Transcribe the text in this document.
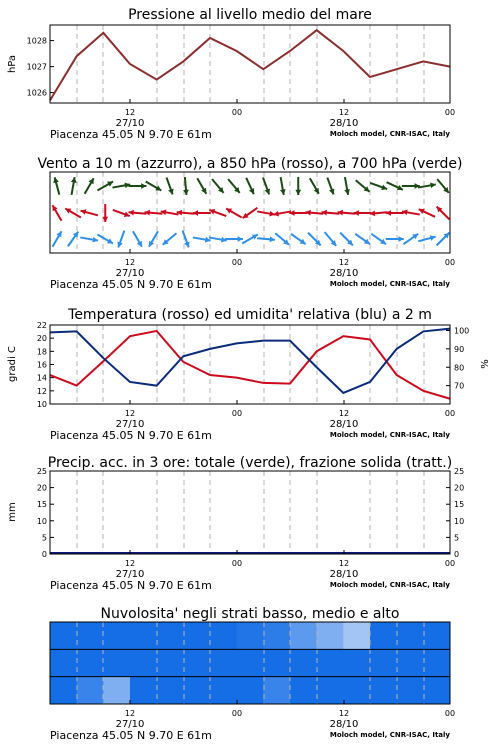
Pressione al livello medio del mare
1028
1027
1026
hPa
12	00	12	00
27/10	28/10
Piacenza 45.05 N 9.70 E 61m	Moloch model, CNR-ISAC, Italy
Vento a 10 m (azzurro), a 850 hPa (rosso), a 700 hPa (verde)
12	00	12	00
27/10	28/10
Piacenza 45.05 N 9.70 E 61m	Moloch model, CNR-ISAC, Italy
Temperatura (rosso) ed umidita' relativa (blu) a 2 m
22
20
18
16
14
12
10
100
90
80
70
gradi C	%
12	00	12	00
27/10	28/10
Piacenza 45.05 N 9.70 E 61m	Moloch model, CNR-ISAC, Italy
Precip. acc. in 3 ore: totale (verde), frazione solida (tratt.)
25	25
20	20
15	15
10	10
5	5
0	0
mm
12	00	12	00
27/10	28/10
Piacenza 45.05 N 9.70 E 61m	Moloch model, CNR-ISAC, Italy
Nuvolosita' negli strati basso, medio e alto
12	00	12	00
27/10	28/10
Piacenza 45.05 N 9.70 E 61m	Moloch model, CNR-ISAC, Italy
